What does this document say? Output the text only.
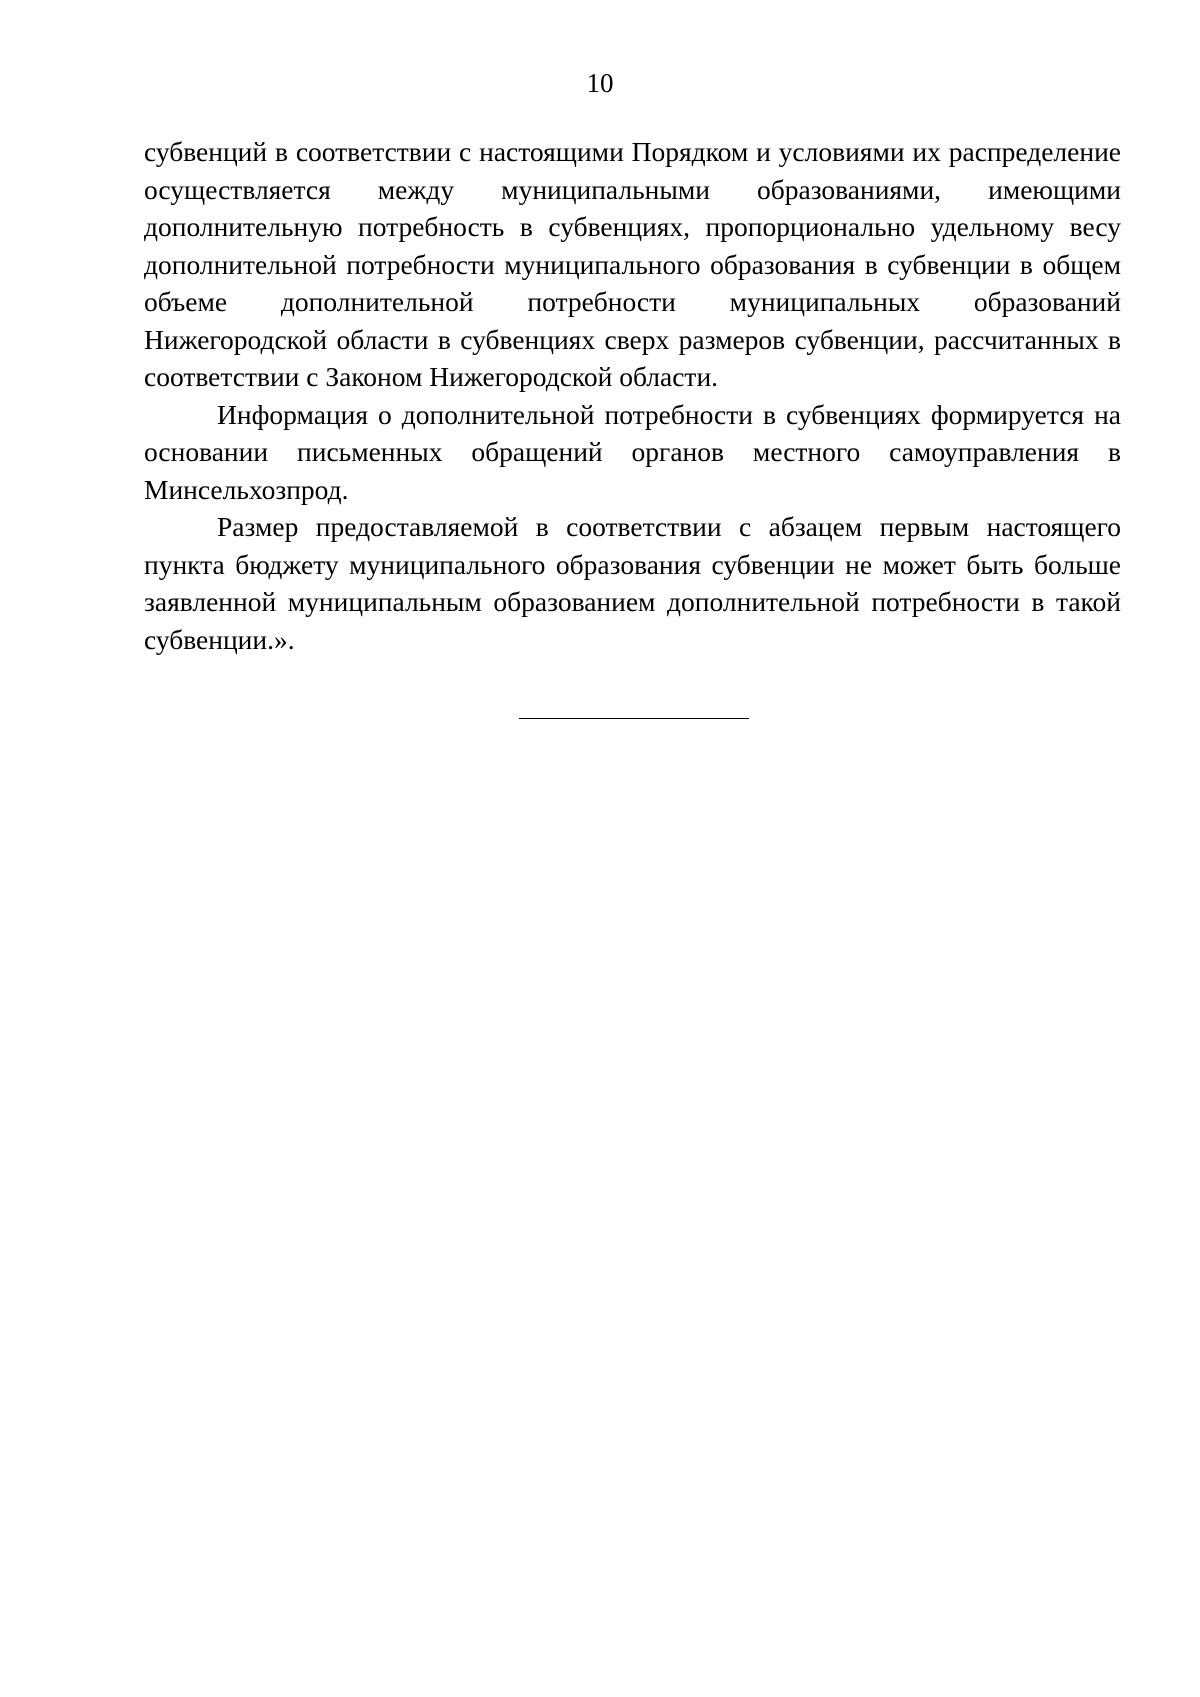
10

субвенций в соответствии с настоящими Порядком и условиями их распределение осуществляется между муниципальными образованиями, имеющими дополнительную потребность в субвенциях, пропорционально удельному весу дополнительной потребности муниципального образования в субвенции в общем объеме дополнительной потребности муниципальных образований Нижегородской области в субвенциях сверх размеров субвенции, рассчитанных в соответствии с Законом Нижегородской области.

Информация о дополнительной потребности в субвенциях формируется на основании письменных обращений органов местного самоуправления в Минсельхозпрод.

Размер предоставляемой в соответствии с абзацем первым настоящего пункта бюджету муниципального образования субвенции не может быть больше заявленной муниципальным образованием дополнительной потребности в такой субвенции.».
